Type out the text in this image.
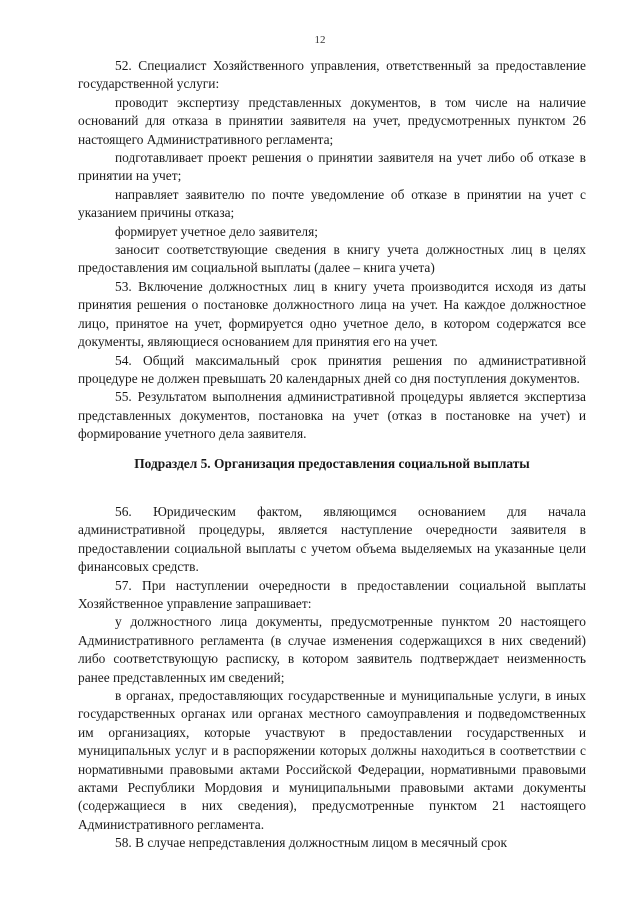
12

52. Специалист Хозяйственного управления, ответственный за предоставление государственной услуги:

проводит экспертизу представленных документов, в том числе на наличие оснований для отказа в принятии заявителя на учет, предусмотренных пунктом 26 настоящего Административного регламента;

подготавливает проект решения о принятии заявителя на учет либо об отказе в принятии на учет;

направляет заявителю по почте уведомление об отказе в принятии на учет с указанием причины отказа;

формирует учетное дело заявителя;

заносит соответствующие сведения в книгу учета должностных лиц в целях предоставления им социальной выплаты (далее – книга учета)

53. Включение должностных лиц в книгу учета производится исходя из даты принятия решения о постановке должностного лица на учет. На каждое должностное лицо, принятое на учет, формируется одно учетное дело, в котором содержатся все документы, являющиеся основанием для принятия его на учет.

54. Общий максимальный срок принятия решения по административной процедуре не должен превышать 20 календарных дней со дня поступления документов.

55. Результатом выполнения административной процедуры является экспертиза представленных документов, постановка на учет (отказ в постановке на учет) и формирование учетного дела заявителя.

Подраздел 5. Организация предоставления социальной выплаты

56. Юридическим фактом, являющимся основанием для начала административной процедуры, является наступление очередности заявителя в предоставлении социальной выплаты с учетом объема выделяемых на указанные цели финансовых средств.

57. При наступлении очередности в предоставлении социальной выплаты Хозяйственное управление запрашивает:

у должностного лица документы, предусмотренные пунктом 20 настоящего Административного регламента (в случае изменения содержащихся в них сведений) либо соответствующую расписку, в котором заявитель подтверждает неизменность ранее представленных им сведений;

в органах, предоставляющих государственные и муниципальные услуги, в иных государственных органах или органах местного самоуправления и подведомственных им организациях, которые участвуют в предоставлении государственных и муниципальных услуг и в распоряжении которых должны находиться в соответствии с нормативными правовыми актами Российской Федерации, нормативными правовыми актами Республики Мордовия и муниципальными правовыми актами документы (содержащиеся в них сведения), предусмотренные пунктом 21 настоящего Административного регламента.

58. В случае непредставления должностным лицом в месячный срок
